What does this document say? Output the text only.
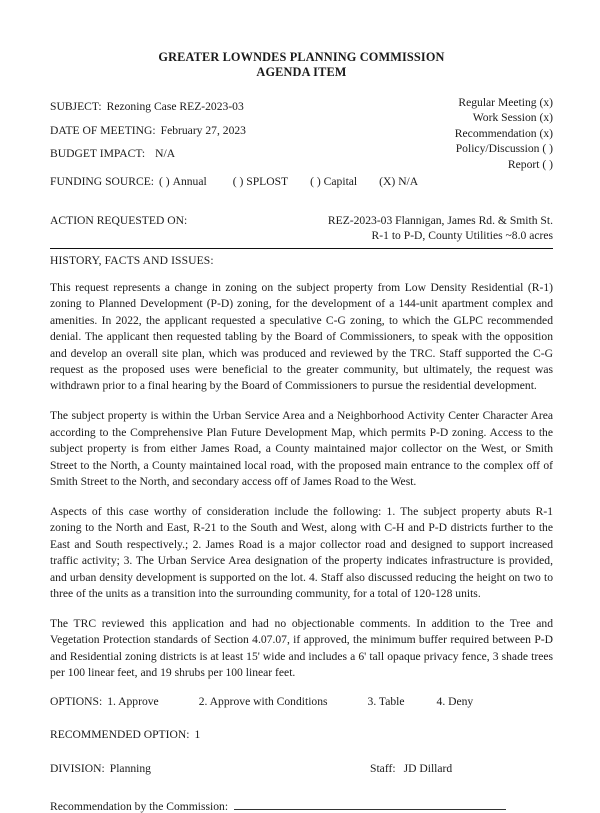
GREATER LOWNDES PLANNING COMMISSION
AGENDA ITEM
Regular Meeting (x)
Work Session (x)
Recommendation (x)
Policy/Discussion ( )
Report ( )
SUBJECT: Rezoning Case REZ-2023-03
DATE OF MEETING: February 27, 2023
BUDGET IMPACT: N/A
FUNDING SOURCE: ( ) Annual ( ) SPLOST ( ) Capital (X) N/A
ACTION REQUESTED ON:	REZ-2023-03 Flannigan, James Rd. & Smith St.
R-1 to P-D, County Utilities ~8.0 acres
HISTORY, FACTS AND ISSUES:

This request represents a change in zoning on the subject property from Low Density Residential (R-1) zoning to Planned Development (P-D) zoning, for the development of a 144-unit apartment complex and amenities. In 2022, the applicant requested a speculative C-G zoning, to which the GLPC recommended denial. The applicant then requested tabling by the Board of Commissioners, to speak with the opposition and develop an overall site plan, which was produced and reviewed by the TRC. Staff supported the C-G request as the proposed uses were beneficial to the greater community, but ultimately, the request was withdrawn prior to a final hearing by the Board of Commissioners to pursue the residential development.

The subject property is within the Urban Service Area and a Neighborhood Activity Center Character Area according to the Comprehensive Plan Future Development Map, which permits P-D zoning. Access to the subject property is from either James Road, a County maintained major collector on the West, or Smith Street to the North, a County maintained local road, with the proposed main entrance to the complex off of Smith Street to the North, and secondary access off of James Road to the West.

Aspects of this case worthy of consideration include the following: 1. The subject property abuts R-1 zoning to the North and East, R-21 to the South and West, along with C-H and P-D districts further to the East and South respectively.; 2. James Road is a major collector road and designed to support increased traffic activity; 3. The Urban Service Area designation of the property indicates infrastructure is provided, and urban density development is supported on the lot. 4. Staff also discussed reducing the height on two to three of the units as a transition into the surrounding community, for a total of 120-128 units.

The TRC reviewed this application and had no objectionable comments. In addition to the Tree and Vegetation Protection standards of Section 4.07.07, if approved, the minimum buffer required between P-D and Residential zoning districts is at least 15' wide and includes a 6' tall opaque privacy fence, 3 shade trees per 100 linear feet, and 19 shrubs per 100 linear feet.

OPTIONS: 1. Approve	2. Approve with Conditions	3. Table	4. Deny
RECOMMENDED OPTION: 1
DIVISION: Planning	Staff: JD Dillard
Recommendation by the Commission:
